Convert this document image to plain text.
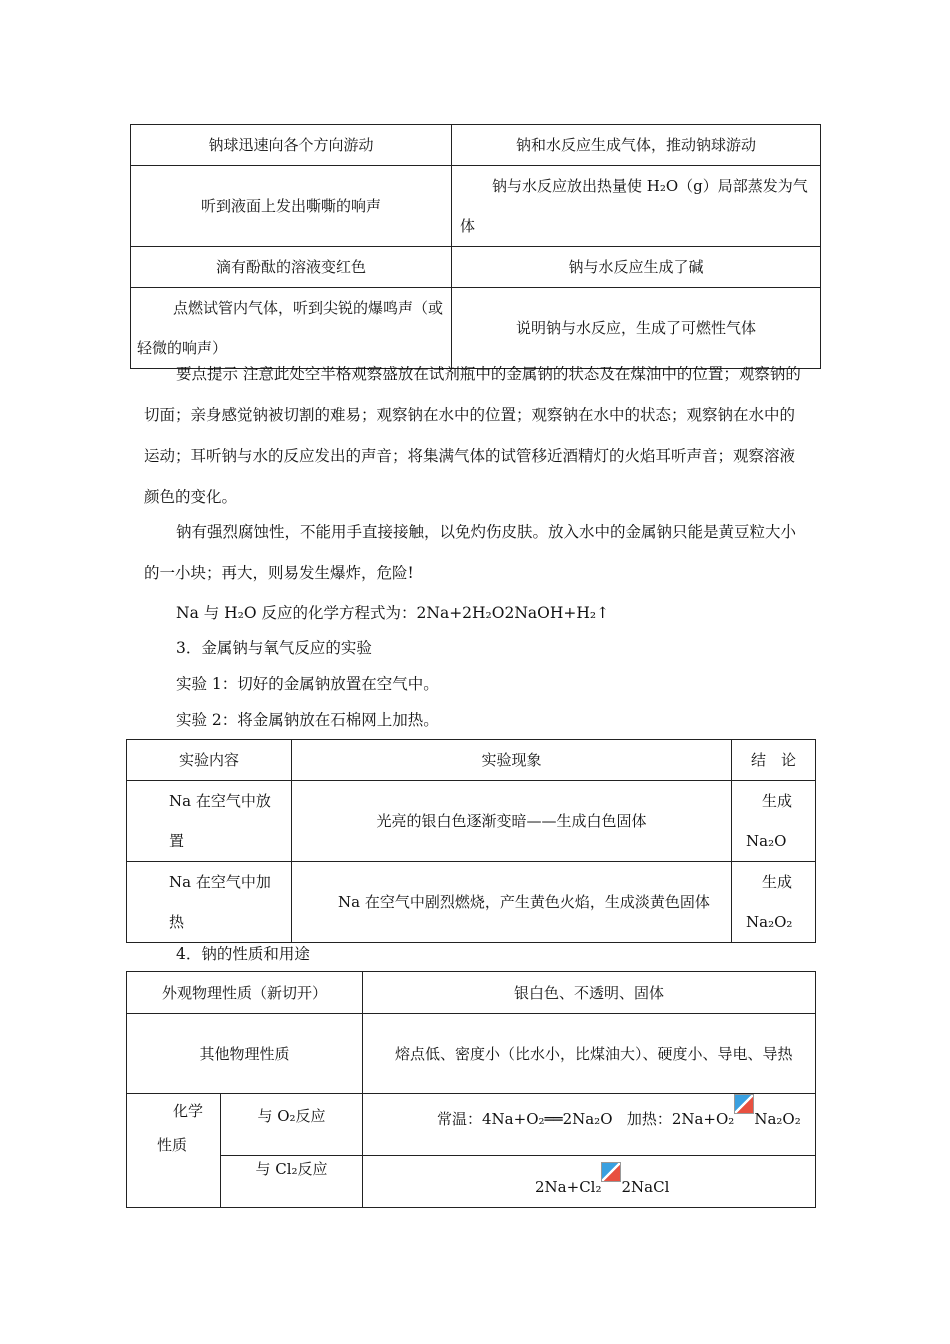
钠球迅速向各个方向游动	钠和水反应生成气体，推动钠球游动
听到液面上发出嘶嘶的响声	钠与水反应放出热量使 H₂O（g）局部蒸发为气体
滴有酚酞的溶液变红色	钠与水反应生成了碱
点燃试管内气体，听到尖锐的爆鸣声（或轻微的响声）	说明钠与水反应，生成了可燃性气体
要点提示 注意此处空半格观察盛放在试剂瓶中的金属钠的状态及在煤油中的位置；观察钠的切面；亲身感觉钠被切割的难易；观察钠在水中的位置；观察钠在水中的状态；观察钠在水中的运动；耳听钠与水的反应发出的声音；将集满气体的试管移近酒精灯的火焰耳听声音；观察溶液颜色的变化。
钠有强烈腐蚀性，不能用手直接接触，以免灼伤皮肤。放入水中的金属钠只能是黄豆粒大小的一小块；再大，则易发生爆炸，危险!
Na 与 H₂O 反应的化学方程式为：2Na+2H₂O2NaOH+H₂↑
3．金属钠与氧气反应的实验
实验 1：切好的金属钠放置在空气中。
实验 2：将金属钠放在石棉网上加热。
实验内容	实验现象	结　论
Na 在空气中放置	光亮的银白色逐渐变暗——生成白色固体	生成
Na₂O

Na 在空气中加热	Na 在空气中剧烈燃烧，产生黄色火焰，生成淡黄色固体	生成
Na₂O₂
4．钠的性质和用途
外观物理性质（新切开）		银白色、不透明、固体
其他物理性质		熔点低、密度小（比水小，比煤油大）、硬度小、导电、导热

化学
性质	与 O₂反应	常温：4Na+O₂══2Na₂O 加热：2Na+O₂ Na₂O₂
	与 Cl₂反应	2Na+Cl₂ 2NaCl
